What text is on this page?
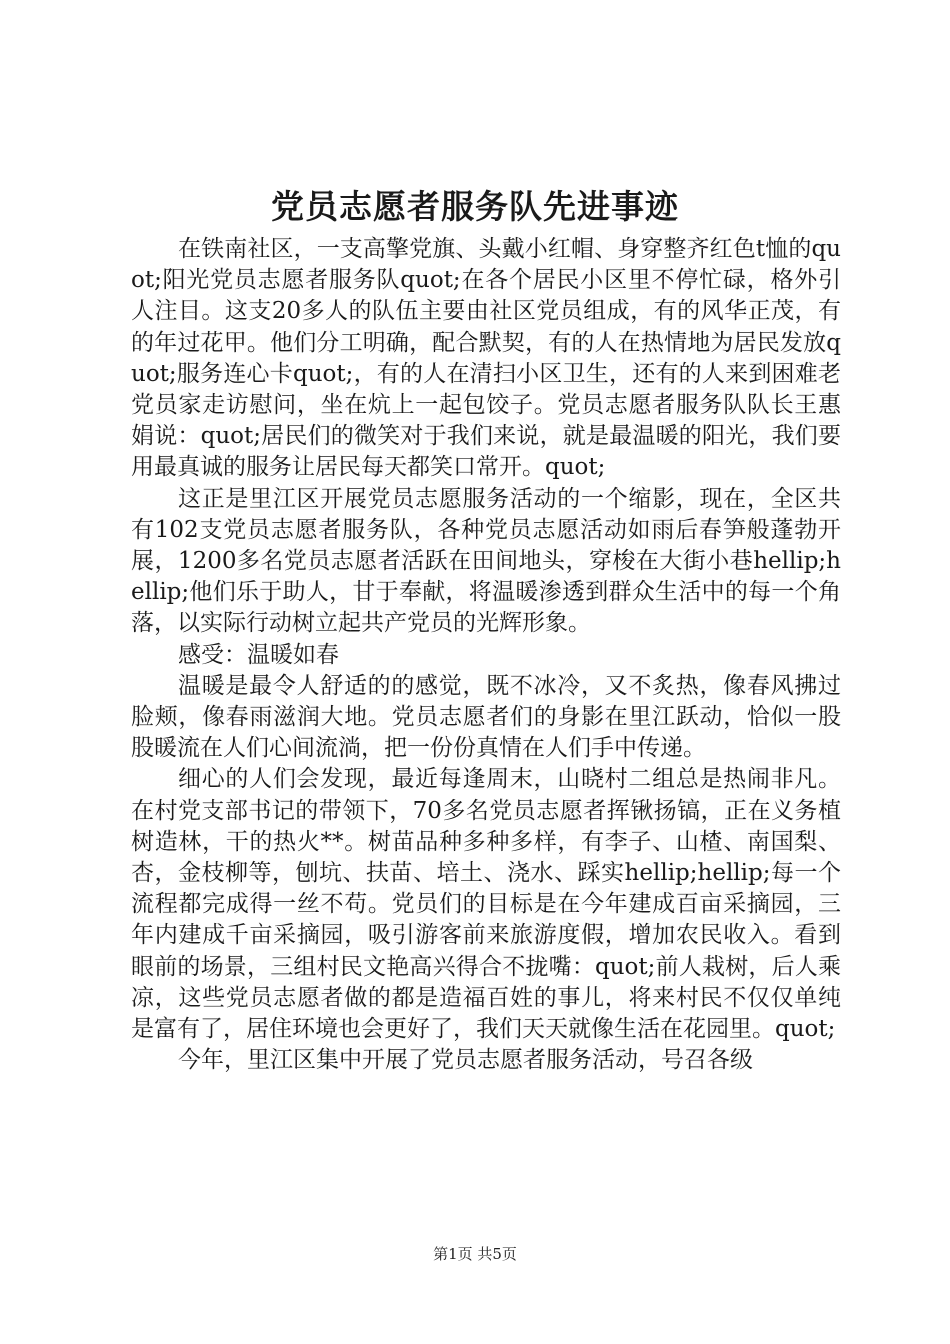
党员志愿者服务队先进事迹

在铁南社区，一支高擎党旗、头戴小红帽、身穿整齐红色t恤的quot;阳光党员志愿者服务队quot;在各个居民小区里不停忙碌，格外引人注目。这支20多人的队伍主要由社区党员组成，有的风华正茂，有的年过花甲。他们分工明确，配合默契，有的人在热情地为居民发放quot;服务连心卡quot;，有的人在清扫小区卫生，还有的人来到困难老党员家走访慰问，坐在炕上一起包饺子。党员志愿者服务队队长王惠娟说：quot;居民们的微笑对于我们来说，就是最温暖的阳光，我们要用最真诚的服务让居民每天都笑口常开。quot;

这正是里江区开展党员志愿服务活动的一个缩影，现在，全区共有102支党员志愿者服务队，各种党员志愿活动如雨后春笋般蓬勃开展，1200多名党员志愿者活跃在田间地头，穿梭在大街小巷hellip;hellip;他们乐于助人，甘于奉献，将温暖渗透到群众生活中的每一个角落，以实际行动树立起共产党员的光辉形象。

感受：温暖如春

温暖是最令人舒适的的感觉，既不冰冷，又不炙热，像春风拂过脸颊，像春雨滋润大地。党员志愿者们的身影在里江跃动，恰似一股股暖流在人们心间流淌，把一份份真情在人们手中传递。

细心的人们会发现，最近每逢周末，山晓村二组总是热闹非凡。在村党支部书记的带领下，70多名党员志愿者挥锹扬镐，正在义务植树造林，干的热火**。树苗品种多种多样，有李子、山楂、南国梨、杏，金枝柳等，刨坑、扶苗、培土、浇水、踩实hellip;hellip;每一个流程都完成得一丝不苟。党员们的目标是在今年建成百亩采摘园，三年内建成千亩采摘园，吸引游客前来旅游度假，增加农民收入。看到眼前的场景，三组村民文艳高兴得合不拢嘴：quot;前人栽树，后人乘凉，这些党员志愿者做的都是造福百姓的事儿，将来村民不仅仅单纯是富有了，居住环境也会更好了，我们天天就像生活在花园里。quot;

今年，里江区集中开展了党员志愿者服务活动，号召各级

第1页 共5页
